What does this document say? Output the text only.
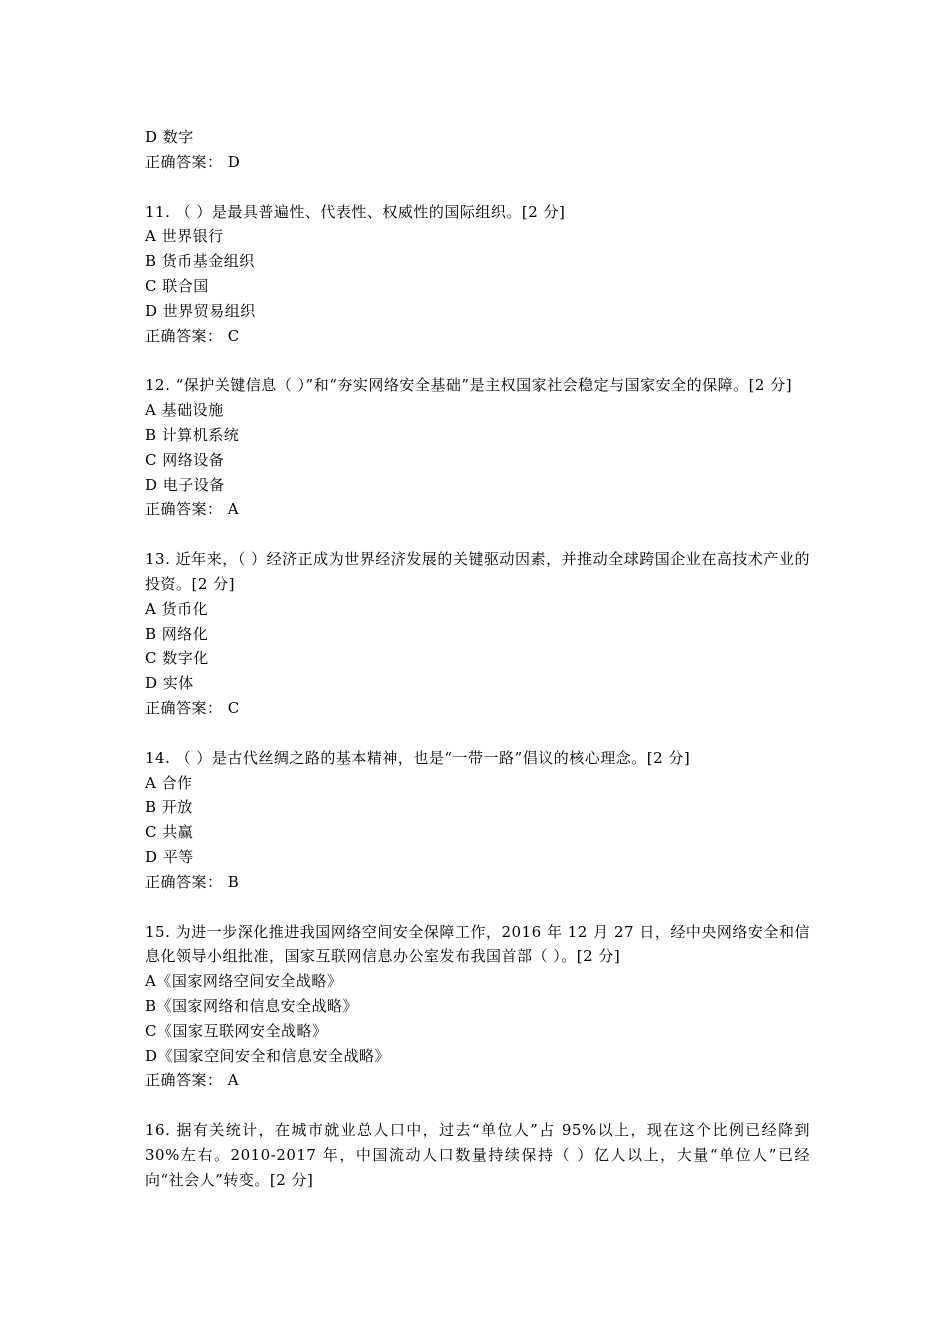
D 数字
正确答案： D
11. （ ）是最具普遍性、代表性、权威性的国际组织。[2 分]
A 世界银行
B 货币基金组织
C 联合国
D 世界贸易组织
正确答案： C
12. “保护关键信息（ ）”和“夯实网络安全基础”是主权国家社会稳定与国家安全的保障。[2 分]
A 基础设施
B 计算机系统
C 网络设备
D 电子设备
正确答案： A
13. 近年来，（ ）经济正成为世界经济发展的关键驱动因素，并推动全球跨国企业在高技术产业的投资。[2 分]
A 货币化
B 网络化
C 数字化
D 实体
正确答案： C
14. （ ）是古代丝绸之路的基本精神，也是“一带一路”倡议的核心理念。[2 分]
A 合作
B 开放
C 共赢
D 平等
正确答案： B
15. 为进一步深化推进我国网络空间安全保障工作，2016 年 12 月 27 日，经中央网络安全和信息化领导小组批准，国家互联网信息办公室发布我国首部（ ）。[2 分]
A《国家网络空间安全战略》
B《国家网络和信息安全战略》
C《国家互联网安全战略》
D《国家空间安全和信息安全战略》
正确答案： A
16. 据有关统计，在城市就业总人口中，过去“单位人”占 95%以上，现在这个比例已经降到 30%左右。2010-2017 年，中国流动人口数量持续保持（ ）亿人以上，大量“单位人”已经向“社会人”转变。[2 分]
